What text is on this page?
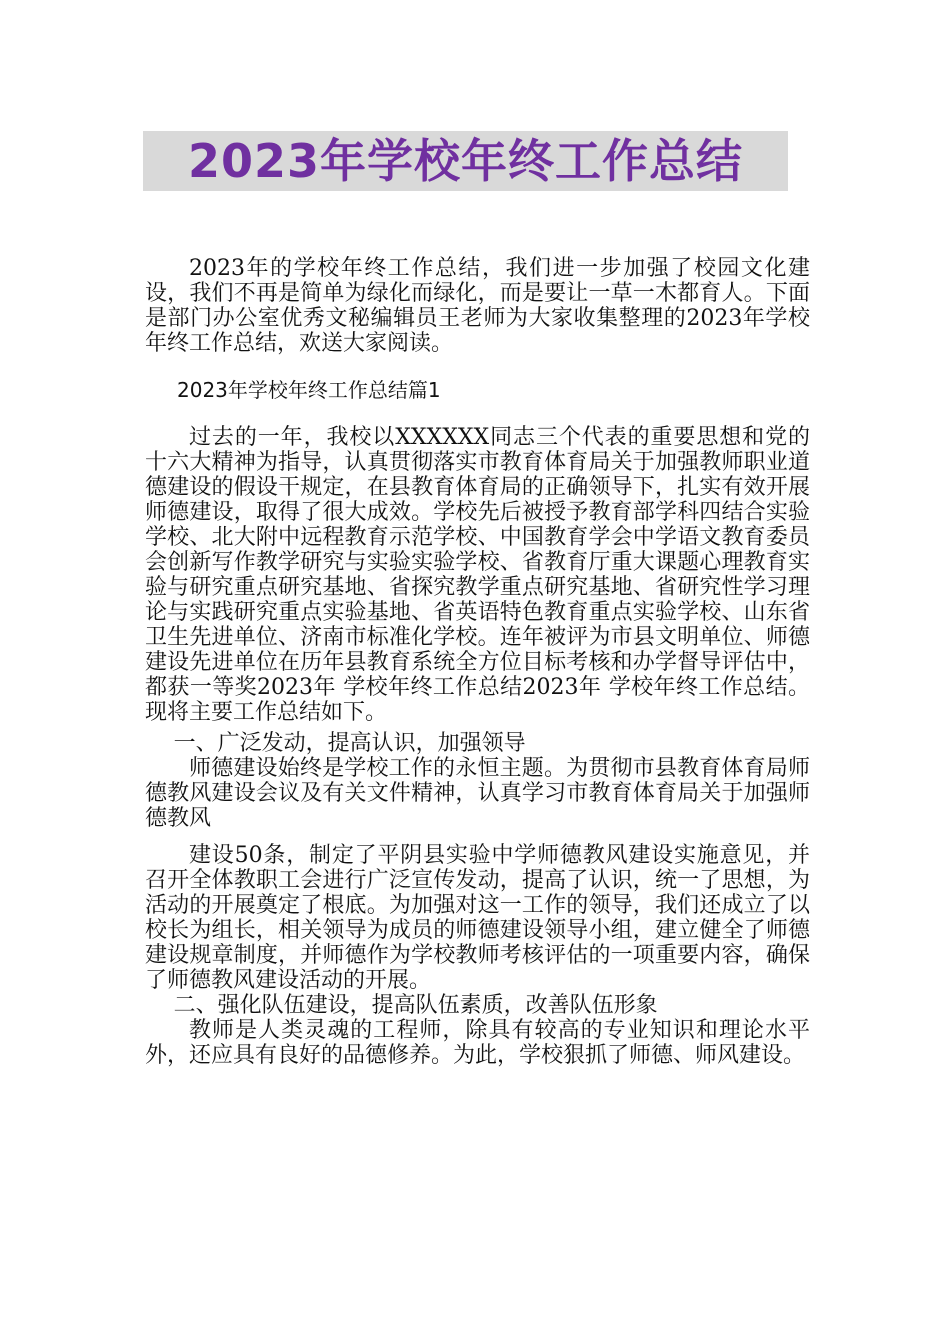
2023年学校年终工作总结

2023年的学校年终工作总结，我们进一步加强了校园文化建设，我们不再是简单为绿化而绿化，而是要让一草一木都育人。下面是部门办公室优秀文秘编辑员王老师为大家收集整理的2023年学校年终工作总结，欢送大家阅读。

2023年学校年终工作总结篇1

过去的一年，我校以XXXXXX同志三个代表的重要思想和党的十六大精神为指导，认真贯彻落实市教育体育局关于加强教师职业道德建设的假设干规定，在县教育体育局的正确领导下，扎实有效开展师德建设，取得了很大成效。学校先后被授予教育部学科四结合实验学校、北大附中远程教育示范学校、中国教育学会中学语文教育委员会创新写作教学研究与实验实验学校、省教育厅重大课题心理教育实验与研究重点研究基地、省探究教学重点研究基地、省研究性学习理论与实践研究重点实验基地、省英语特色教育重点实验学校、山东省卫生先进单位、济南市标准化学校。连年被评为市县文明单位、师德建设先进单位在历年县教育系统全方位目标考核和办学督导评估中，都获一等奖2023年 学校年终工作总结2023年 学校年终工作总结。现将主要工作总结如下。

一、广泛发动，提高认识，加强领导

师德建设始终是学校工作的永恒主题。为贯彻市县教育体育局师德教风建设会议及有关文件精神，认真学习市教育体育局关于加强师德教风

建设50条，制定了平阴县实验中学师德教风建设实施意见，并召开全体教职工会进行广泛宣传发动，提高了认识，统一了思想，为活动的开展奠定了根底。为加强对这一工作的领导，我们还成立了以校长为组长，相关领导为成员的师德建设领导小组，建立健全了师德建设规章制度，并师德作为学校教师考核评估的一项重要内容，确保了师德教风建设活动的开展。

二、强化队伍建设，提高队伍素质，改善队伍形象

教师是人类灵魂的工程师，除具有较高的专业知识和理论水平外，还应具有良好的品德修养。为此，学校狠抓了师德、师风建设。
